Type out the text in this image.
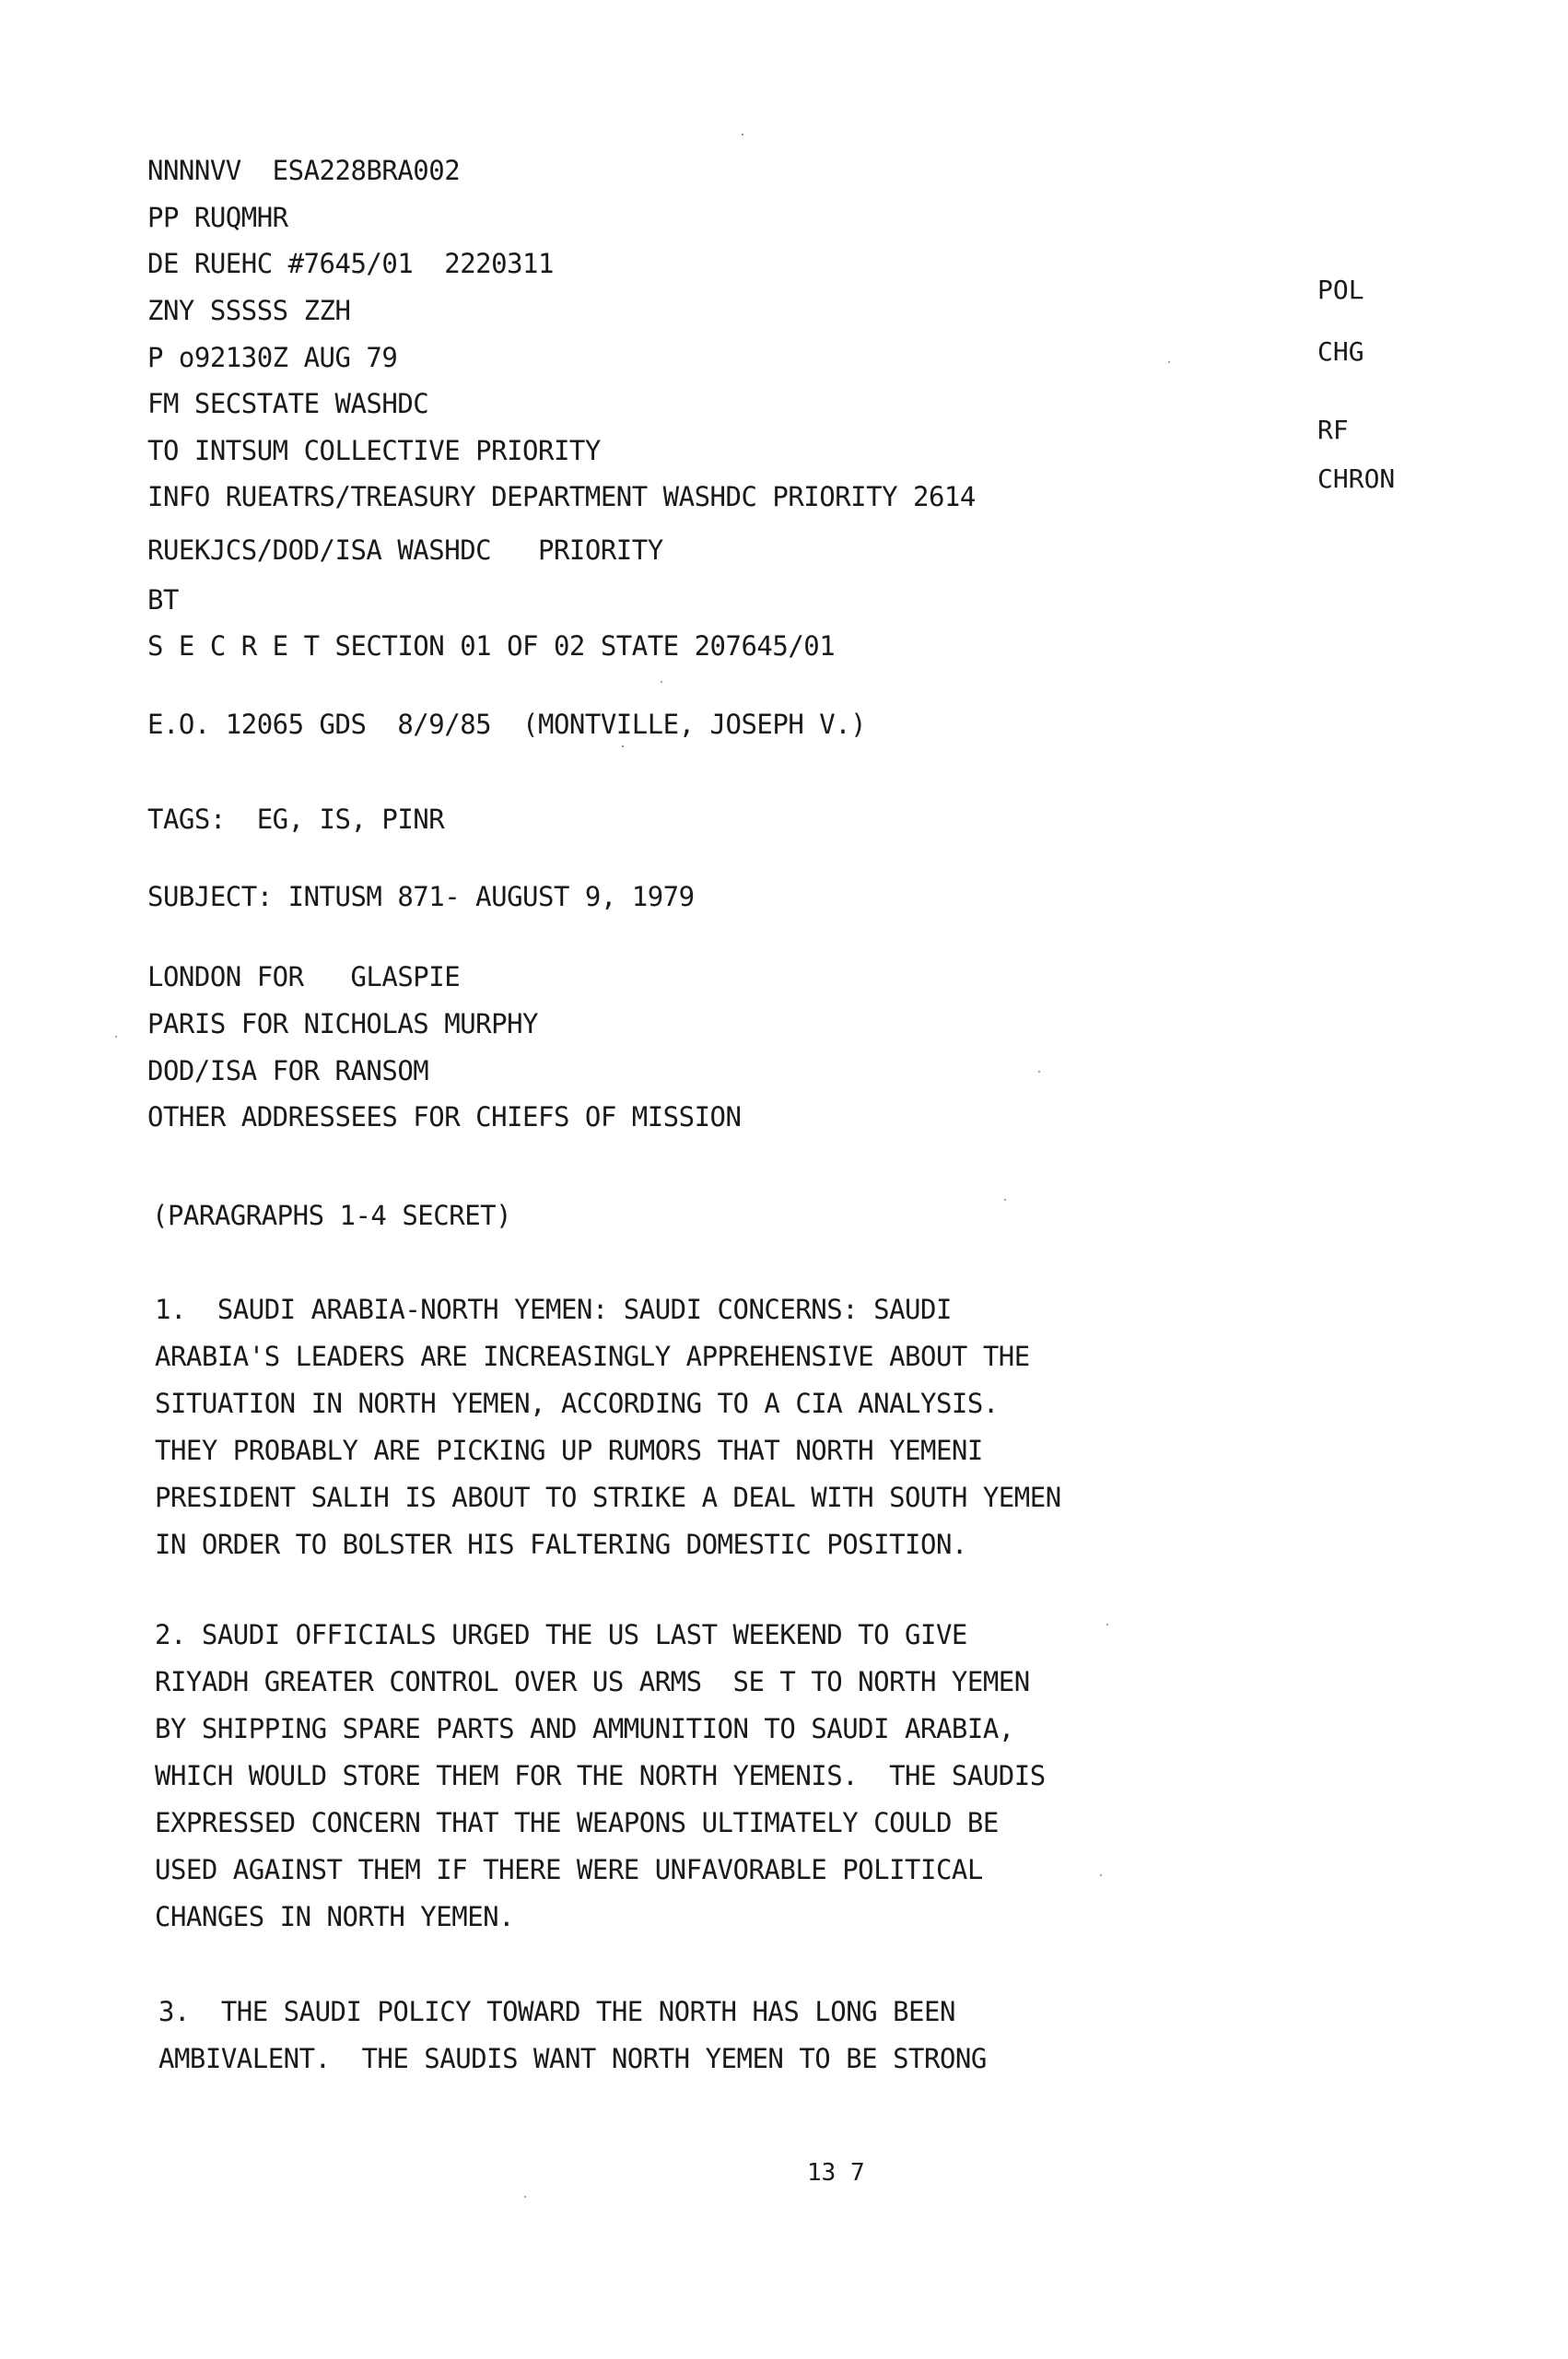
NNNNVV  ESA228BRA002
PP RUQMHR
DE RUEHC #7645/01  2220311
ZNY SSSSS ZZH
P o92130Z AUG 79
FM SECSTATE WASHDC
TO INTSUM COLLECTIVE PRIORITY
INFO RUEATRS/TREASURY DEPARTMENT WASHDC PRIORITY 2614
RUEKJCS/DOD/ISA WASHDC   PRIORITY
BT
S E C R E T SECTION 01 OF 02 STATE 207645/01
POL
CHG
RF
CHRON
E.O. 12065 GDS  8/9/85  (MONTVILLE, JOSEPH V.)
TAGS:  EG, IS, PINR
SUBJECT: INTUSM 871- AUGUST 9, 1979
LONDON FOR   GLASPIE
PARIS FOR NICHOLAS MURPHY
DOD/ISA FOR RANSOM
OTHER ADDRESSEES FOR CHIEFS OF MISSION
(PARAGRAPHS 1-4 SECRET)
1.  SAUDI ARABIA-NORTH YEMEN: SAUDI CONCERNS: SAUDI
ARABIA'S LEADERS ARE INCREASINGLY APPREHENSIVE ABOUT THE
SITUATION IN NORTH YEMEN, ACCORDING TO A CIA ANALYSIS.
THEY PROBABLY ARE PICKING UP RUMORS THAT NORTH YEMENI
PRESIDENT SALIH IS ABOUT TO STRIKE A DEAL WITH SOUTH YEMEN
IN ORDER TO BOLSTER HIS FALTERING DOMESTIC POSITION.
2. SAUDI OFFICIALS URGED THE US LAST WEEKEND TO GIVE
RIYADH GREATER CONTROL OVER US ARMS  SE T TO NORTH YEMEN
BY SHIPPING SPARE PARTS AND AMMUNITION TO SAUDI ARABIA,
WHICH WOULD STORE THEM FOR THE NORTH YEMENIS.  THE SAUDIS
EXPRESSED CONCERN THAT THE WEAPONS ULTIMATELY COULD BE
USED AGAINST THEM IF THERE WERE UNFAVORABLE POLITICAL
CHANGES IN NORTH YEMEN.
3.  THE SAUDI POLICY TOWARD THE NORTH HAS LONG BEEN
AMBIVALENT.  THE SAUDIS WANT NORTH YEMEN TO BE STRONG
13 7
